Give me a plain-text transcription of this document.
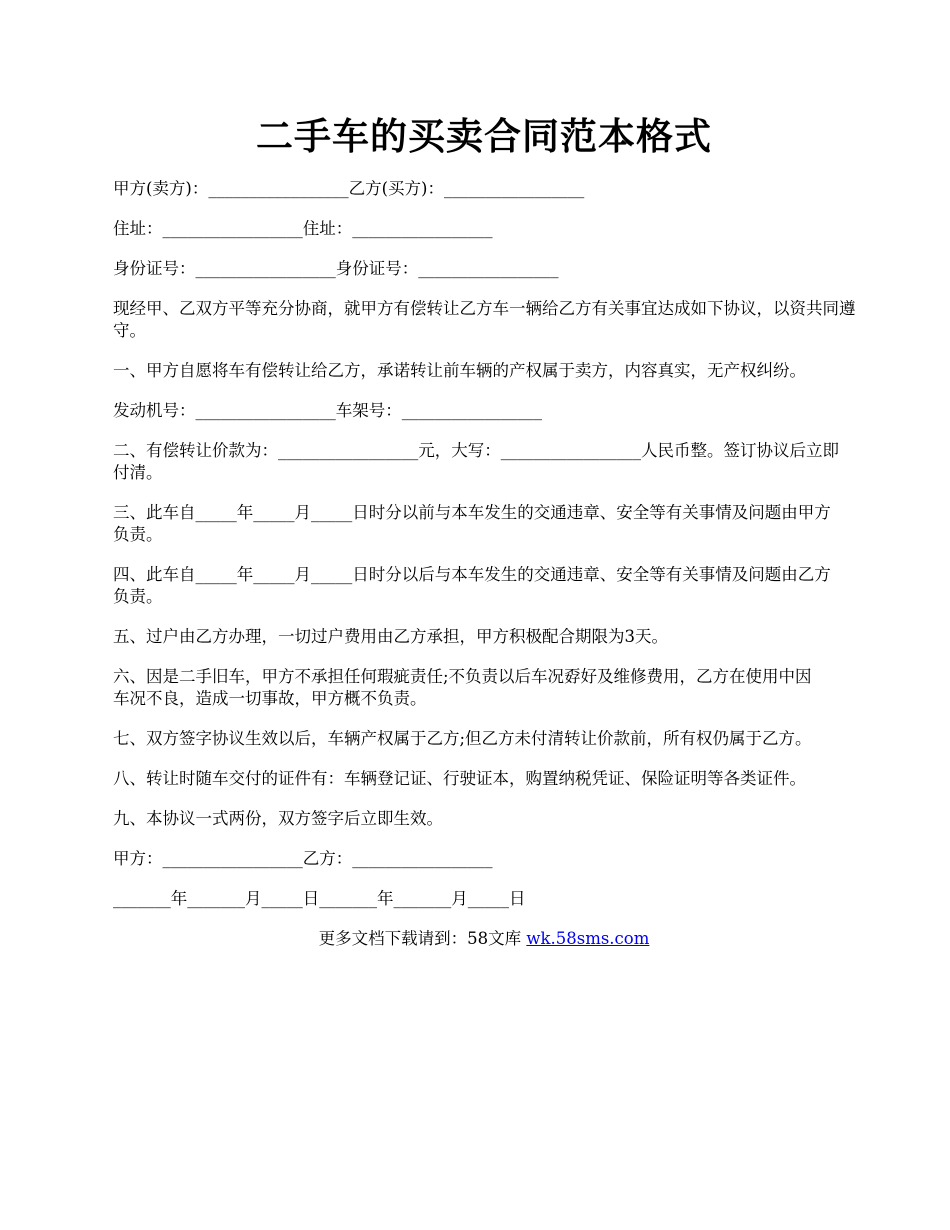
二手车的买卖合同范本格式

甲方(卖方)：_________________乙方(买方)：_________________

住址：_________________住址：_________________

身份证号：_________________身份证号：_________________

现经甲、乙双方平等充分协商，就甲方有偿转让乙方车一辆给乙方有关事宜达成如下协议，以资共同遵守。

一、甲方自愿将车有偿转让给乙方，承诺转让前车辆的产权属于卖方，内容真实，无产权纠纷。

发动机号：_________________车架号：_________________

二、有偿转让价款为：_________________元，大写：_________________人民币整。签订协议后立即付清。

三、此车自_____年_____月_____日时分以前与本车发生的交通违章、安全等有关事情及问题由甲方负责。

四、此车自_____年_____月_____日时分以后与本车发生的交通违章、安全等有关事情及问题由乙方负责。

五、过户由乙方办理，一切过户费用由乙方承担，甲方积极配合期限为3天。

六、因是二手旧车，甲方不承担任何瑕疵责任;不负责以后车况孬好及维修费用，乙方在使用中因车况不良，造成一切事故，甲方概不负责。

七、双方签字协议生效以后，车辆产权属于乙方;但乙方未付清转让价款前，所有权仍属于乙方。

八、转让时随车交付的证件有：车辆登记证、行驶证本，购置纳税凭证、保险证明等各类证件。

九、本协议一式两份，双方签字后立即生效。

甲方：_________________乙方：_________________

_______年_______月_____日_______年_______月_____日

更多文档下载请到：58文库 wk.58sms.com
